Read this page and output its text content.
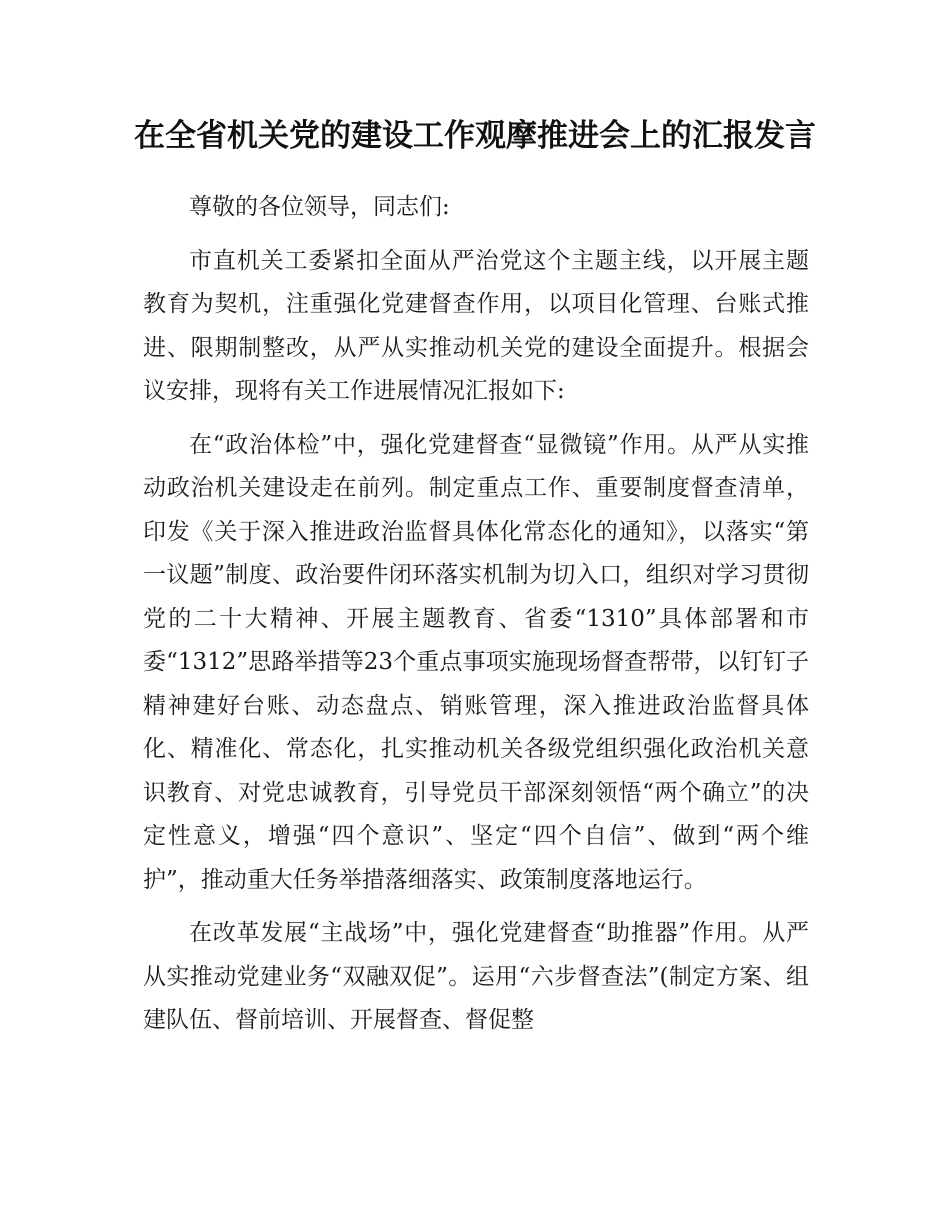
在全省机关党的建设工作观摩推进会上的汇报发言

尊敬的各位领导，同志们:

市直机关工委紧扣全面从严治党这个主题主线，以开展主题教育为契机，注重强化党建督查作用，以项目化管理、台账式推进、限期制整改，从严从实推动机关党的建设全面提升。根据会议安排，现将有关工作进展情况汇报如下:

在“政治体检”中，强化党建督查“显微镜”作用。从严从实推动政治机关建设走在前列。制定重点工作、重要制度督查清单，印发《关于深入推进政治监督具体化常态化的通知》，以落实“第一议题”制度、政治要件闭环落实机制为切入口，组织对学习贯彻党的二十大精神、开展主题教育、省委“1310”具体部署和市委“1312”思路举措等23个重点事项实施现场督查帮带，以钉钉子精神建好台账、动态盘点、销账管理，深入推进政治监督具体化、精准化、常态化，扎实推动机关各级党组织强化政治机关意识教育、对党忠诚教育，引导党员干部深刻领悟“两个确立”的决定性意义，增强“四个意识”、坚定“四个自信”、做到“两个维护”，推动重大任务举措落细落实、政策制度落地运行。

在改革发展“主战场”中，强化党建督查“助推器”作用。从严从实推动党建业务“双融双促”。运用“六步督查法”(制定方案、组建队伍、督前培训、开展督查、督促整
